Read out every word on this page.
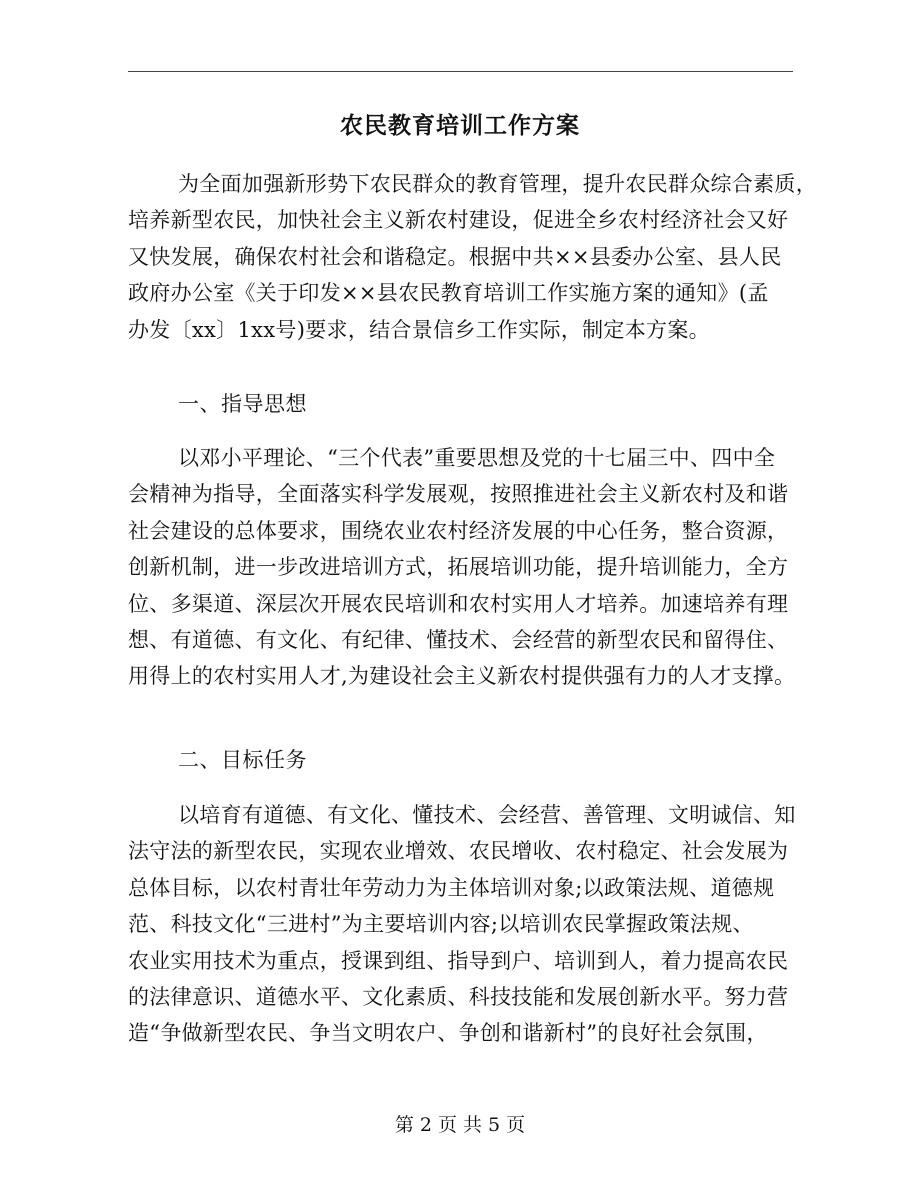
农民教育培训工作方案
为全面加强新形势下农民群众的教育管理，提升农民群众综合素质，
培养新型农民，加快社会主义新农村建设，促进全乡农村经济社会又好
又快发展，确保农村社会和谐稳定。根据中共××县委办公室、县人民
政府办公室《关于印发××县农民教育培训工作实施方案的通知》(孟
办发〔xx〕1xx号)要求，结合景信乡工作实际，制定本方案。
一、指导思想
以邓小平理论、“三个代表”重要思想及党的十七届三中、四中全
会精神为指导，全面落实科学发展观，按照推进社会主义新农村及和谐
社会建设的总体要求，围绕农业农村经济发展的中心任务，整合资源，
创新机制，进一步改进培训方式，拓展培训功能，提升培训能力，全方
位、多渠道、深层次开展农民培训和农村实用人才培养。加速培养有理
想、有道德、有文化、有纪律、懂技术、会经营的新型农民和留得住、
用得上的农村实用人才,为建设社会主义新农村提供强有力的人才支撑。
二、目标任务
以培育有道德、有文化、懂技术、会经营、善管理、文明诚信、知
法守法的新型农民，实现农业增效、农民增收、农村稳定、社会发展为
总体目标，以农村青壮年劳动力为主体培训对象;以政策法规、道德规
范、科技文化“三进村”为主要培训内容;以培训农民掌握政策法规、
农业实用技术为重点，授课到组、指导到户、培训到人，着力提高农民
的法律意识、道德水平、文化素质、科技技能和发展创新水平。努力营
造“争做新型农民、争当文明农户、争创和谐新村”的良好社会氛围，
第 2 页 共 5 页
